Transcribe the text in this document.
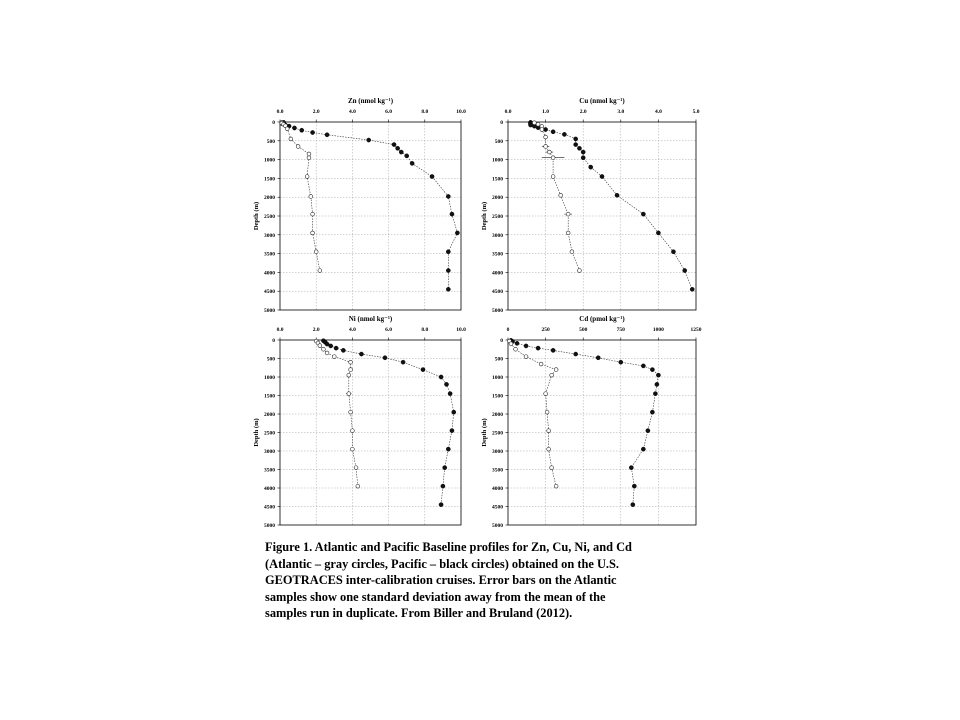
Zn (nmol kg⁻¹)
0.0	2.0	4.0	6.0	8.0	10.0
0
500
1000
1500
2000
2500
3000
3500
4000
4500
5000
Depth (m)
Cu (nmol kg⁻¹)
0.0	1.0	2.0	3.0	4.0	5.0
0
500
1000
1500
2000
2500
3000
3500
4000
4500
5000
Depth (m)
Ni (nmol kg⁻¹)
0.0	2.0	4.0	6.0	8.0	10.0
0
500
1000
1500
2000
2500
3000
3500
4000
4500
5000
Depth (m)
Cd (pmol kg⁻¹)
0	250	500	750	1000	1250
0
500
1000
1500
2000
2500
3000
3500
4000
4500
5000
Depth (m)
Figure 1. Atlantic and Pacific Baseline profiles for Zn, Cu, Ni, and Cd
(Atlantic – gray circles, Pacific – black circles) obtained on the U.S.
GEOTRACES inter-calibration cruises. Error bars on the Atlantic
samples show one standard deviation away from the mean of the
samples run in duplicate. From Biller and Bruland (2012).
